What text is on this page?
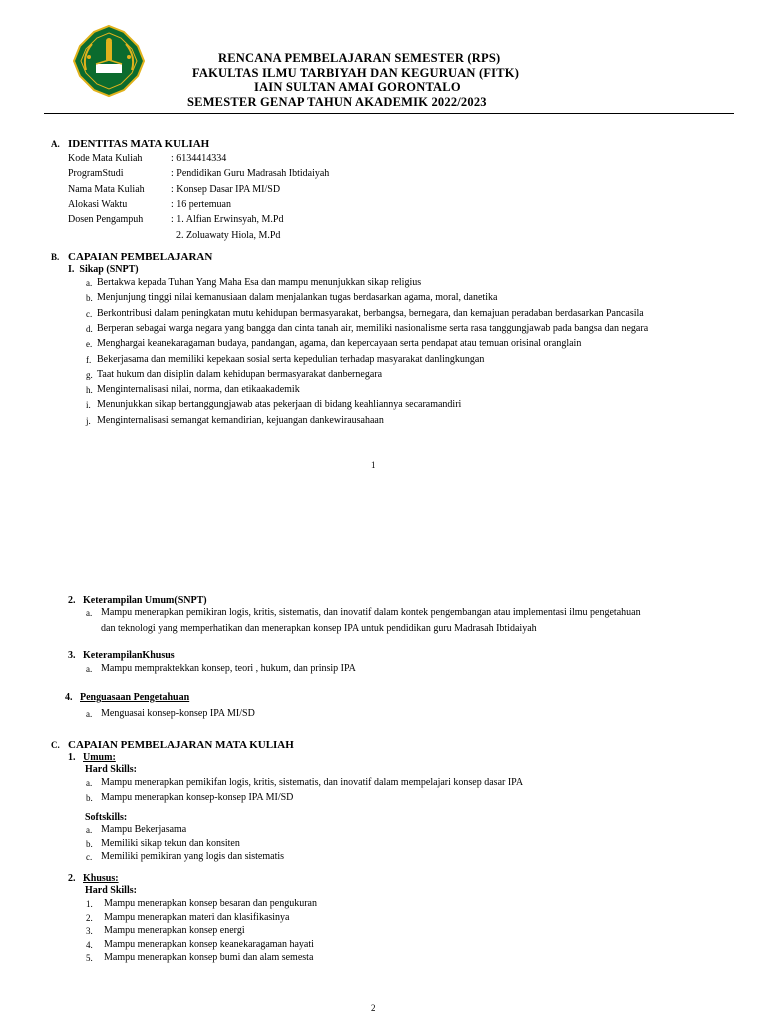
RENCANA PEMBELAJARAN SEMESTER (RPS)
FAKULTAS ILMU TARBIYAH DAN KEGURUAN (FITK)
IAIN SULTAN AMAI GORONTALO
SEMESTER GENAP TAHUN AKADEMIK 2022/2023
A. IDENTITAS MATA KULIAH
Kode Mata Kuliah	: 6134414334
ProgramStudi	: Pendidikan Guru Madrasah Ibtidaiyah
Nama Mata Kuliah	: Konsep Dasar IPA MI/SD
Alokasi Waktu	: 16 pertemuan
Dosen Pengampuh	: 1. Alfian Erwinsyah, M.Pd
2. Zoluawaty Hiola, M.Pd
B. CAPAIAN PEMBELAJARAN
I. Sikap (SNPT)
a. Bertakwa kepada Tuhan Yang Maha Esa dan mampu menunjukkan sikap religius
b. Menjunjung tinggi nilai kemanusiaan dalam menjalankan tugas berdasarkan agama, moral, danetika
c. Berkontribusi dalam peningkatan mutu kehidupan bermasyarakat, berbangsa, bernegara, dan kemajuan peradaban berdasarkan Pancasila
d. Berperan sebagai warga negara yang bangga dan cinta tanah air, memiliki nasionalisme serta rasa tanggungjawab pada bangsa dan negara
e. Menghargai keanekaragaman budaya, pandangan, agama, dan kepercayaan serta pendapat atau temuan orisinal oranglain
f. Bekerjasama dan memiliki kepekaan sosial serta kepedulian terhadap masyarakat danlingkungan
g. Taat hukum dan disiplin dalam kehidupan bermasyarakat danbernegara
h. Menginternalisasi nilai, norma, dan etikaakademik
i. Menunjukkan sikap bertanggungjawab atas pekerjaan di bidang keahliannya secaramandiri
j. Menginternalisasi semangat kemandirian, kejuangan dankewirausahaan
1
2. Keterampilan Umum(SNPT)
a. Mampu menerapkan pemikiran logis, kritis, sistematis, dan inovatif dalam kontek pengembangan atau implementasi ilmu pengetahuan
dan teknologi yang memperhatikan dan menerapkan konsep IPA untuk pendidikan guru Madrasah Ibtidaiyah
3. KeterampilanKhusus
a. Mampu mempraktekkan konsep, teori , hukum, dan prinsip IPA
4. Penguasaan Pengetahuan
a. Menguasai konsep-konsep IPA MI/SD
C. CAPAIAN PEMBELAJARAN MATA KULIAH
1. Umum:
Hard Skills:
a. Mampu menerapkan pemikifan logis, kritis, sistematis, dan inovatif dalam mempelajari konsep dasar IPA
b. Mampu menerapkan konsep-konsep IPA MI/SD
Softskills:
a. Mampu Bekerjasama
b. Memiliki sikap tekun dan konsiten
c. Memiliki pemikiran yang logis dan sistematis
2. Khusus:
Hard Skills:
1.	Mampu menerapkan konsep besaran dan pengukuran
2.	Mampu menerapkan materi dan klasifikasinya
3.	Mampu menerapkan konsep energi
4.	Mampu menerapkan konsep keanekaragaman hayati
5.	Mampu menerapkan konsep bumi dan alam semesta
2
